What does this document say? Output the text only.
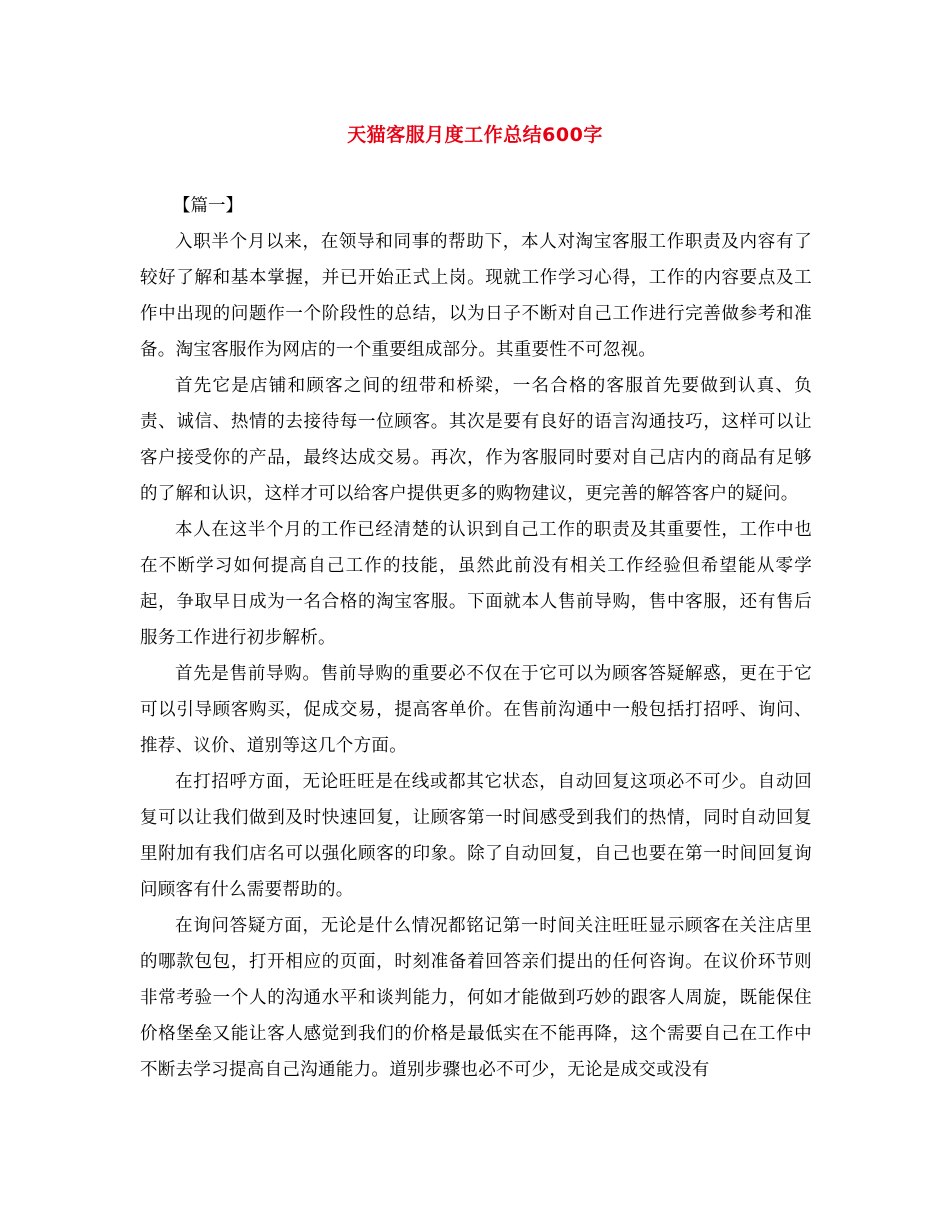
天猫客服月度工作总结600字

【篇一】

入职半个月以来，在领导和同事的帮助下，本人对淘宝客服工作职责及内容有了较好了解和基本掌握，并已开始正式上岗。现就工作学习心得，工作的内容要点及工作中出现的问题作一个阶段性的总结，以为日子不断对自己工作进行完善做参考和准备。淘宝客服作为网店的一个重要组成部分。其重要性不可忽视。

首先它是店铺和顾客之间的纽带和桥梁，一名合格的客服首先要做到认真、负责、诚信、热情的去接待每一位顾客。其次是要有良好的语言沟通技巧，这样可以让客户接受你的产品，最终达成交易。再次，作为客服同时要对自己店内的商品有足够的了解和认识，这样才可以给客户提供更多的购物建议，更完善的解答客户的疑问。

本人在这半个月的工作已经清楚的认识到自己工作的职责及其重要性，工作中也在不断学习如何提高自己工作的技能，虽然此前没有相关工作经验但希望能从零学起，争取早日成为一名合格的淘宝客服。下面就本人售前导购，售中客服，还有售后服务工作进行初步解析。

首先是售前导购。售前导购的重要必不仅在于它可以为顾客答疑解惑，更在于它可以引导顾客购买，促成交易，提高客单价。在售前沟通中一般包括打招呼、询问、推荐、议价、道别等这几个方面。

在打招呼方面，无论旺旺是在线或都其它状态，自动回复这项必不可少。自动回复可以让我们做到及时快速回复，让顾客第一时间感受到我们的热情，同时自动回复里附加有我们店名可以强化顾客的印象。除了自动回复，自己也要在第一时间回复询问顾客有什么需要帮助的。

在询问答疑方面，无论是什么情况都铭记第一时间关注旺旺显示顾客在关注店里的哪款包包，打开相应的页面，时刻准备着回答亲们提出的任何咨询。在议价环节则非常考验一个人的沟通水平和谈判能力，何如才能做到巧妙的跟客人周旋，既能保住价格堡垒又能让客人感觉到我们的价格是最低实在不能再降，这个需要自己在工作中不断去学习提高自己沟通能力。道别步骤也必不可少，无论是成交或没有
